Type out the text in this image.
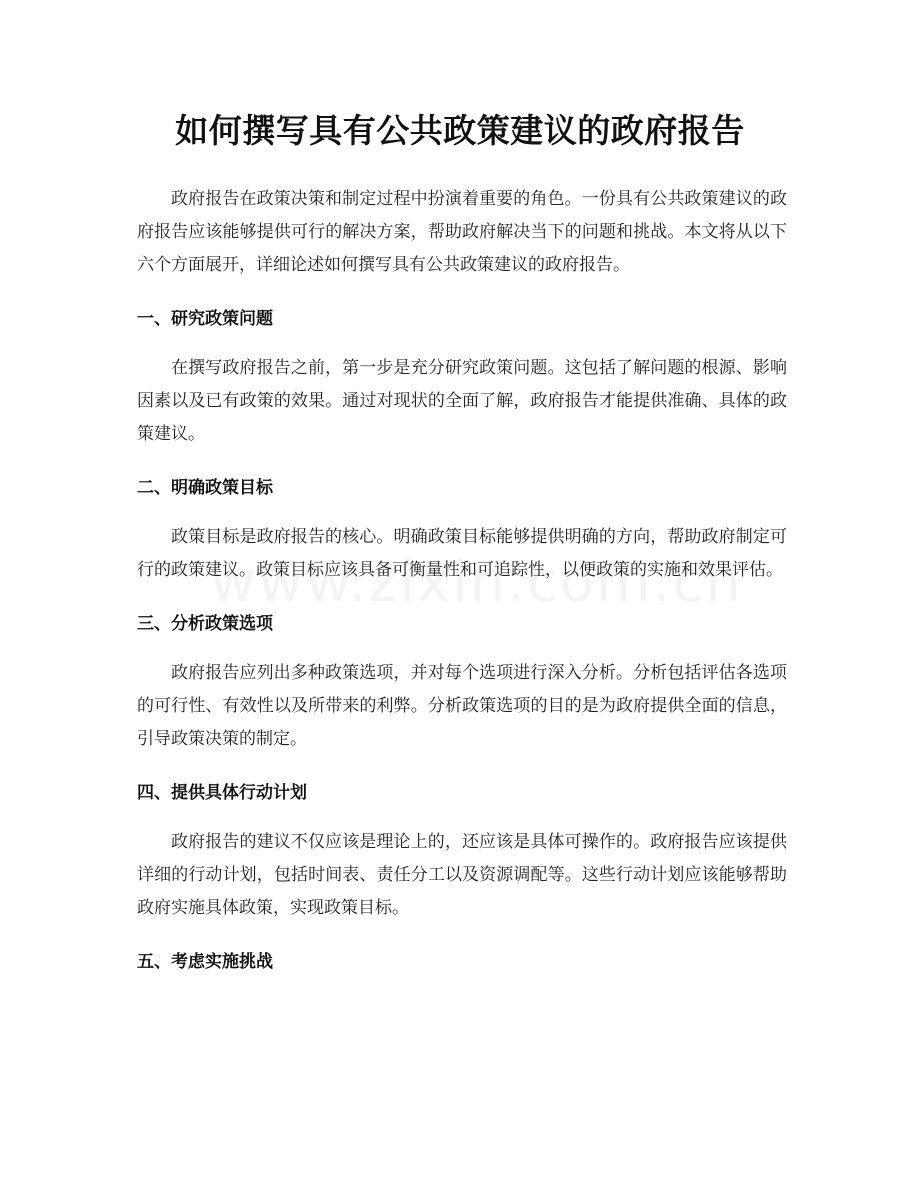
如何撰写具有公共政策建议的政府报告

政府报告在政策决策和制定过程中扮演着重要的角色。一份具有公共政策建议的政府报告应该能够提供可行的解决方案，帮助政府解决当下的问题和挑战。本文将从以下六个方面展开，详细论述如何撰写具有公共政策建议的政府报告。

一、研究政策问题

在撰写政府报告之前，第一步是充分研究政策问题。这包括了解问题的根源、影响因素以及已有政策的效果。通过对现状的全面了解，政府报告才能提供准确、具体的政策建议。

二、明确政策目标

政策目标是政府报告的核心。明确政策目标能够提供明确的方向，帮助政府制定可行的政策建议。政策目标应该具备可衡量性和可追踪性，以便政策的实施和效果评估。

三、分析政策选项

政府报告应列出多种政策选项，并对每个选项进行深入分析。分析包括评估各选项的可行性、有效性以及所带来的利弊。分析政策选项的目的是为政府提供全面的信息，引导政策决策的制定。

四、提供具体行动计划

政府报告的建议不仅应该是理论上的，还应该是具体可操作的。政府报告应该提供详细的行动计划，包括时间表、责任分工以及资源调配等。这些行动计划应该能够帮助政府实施具体政策，实现政策目标。

五、考虑实施挑战
